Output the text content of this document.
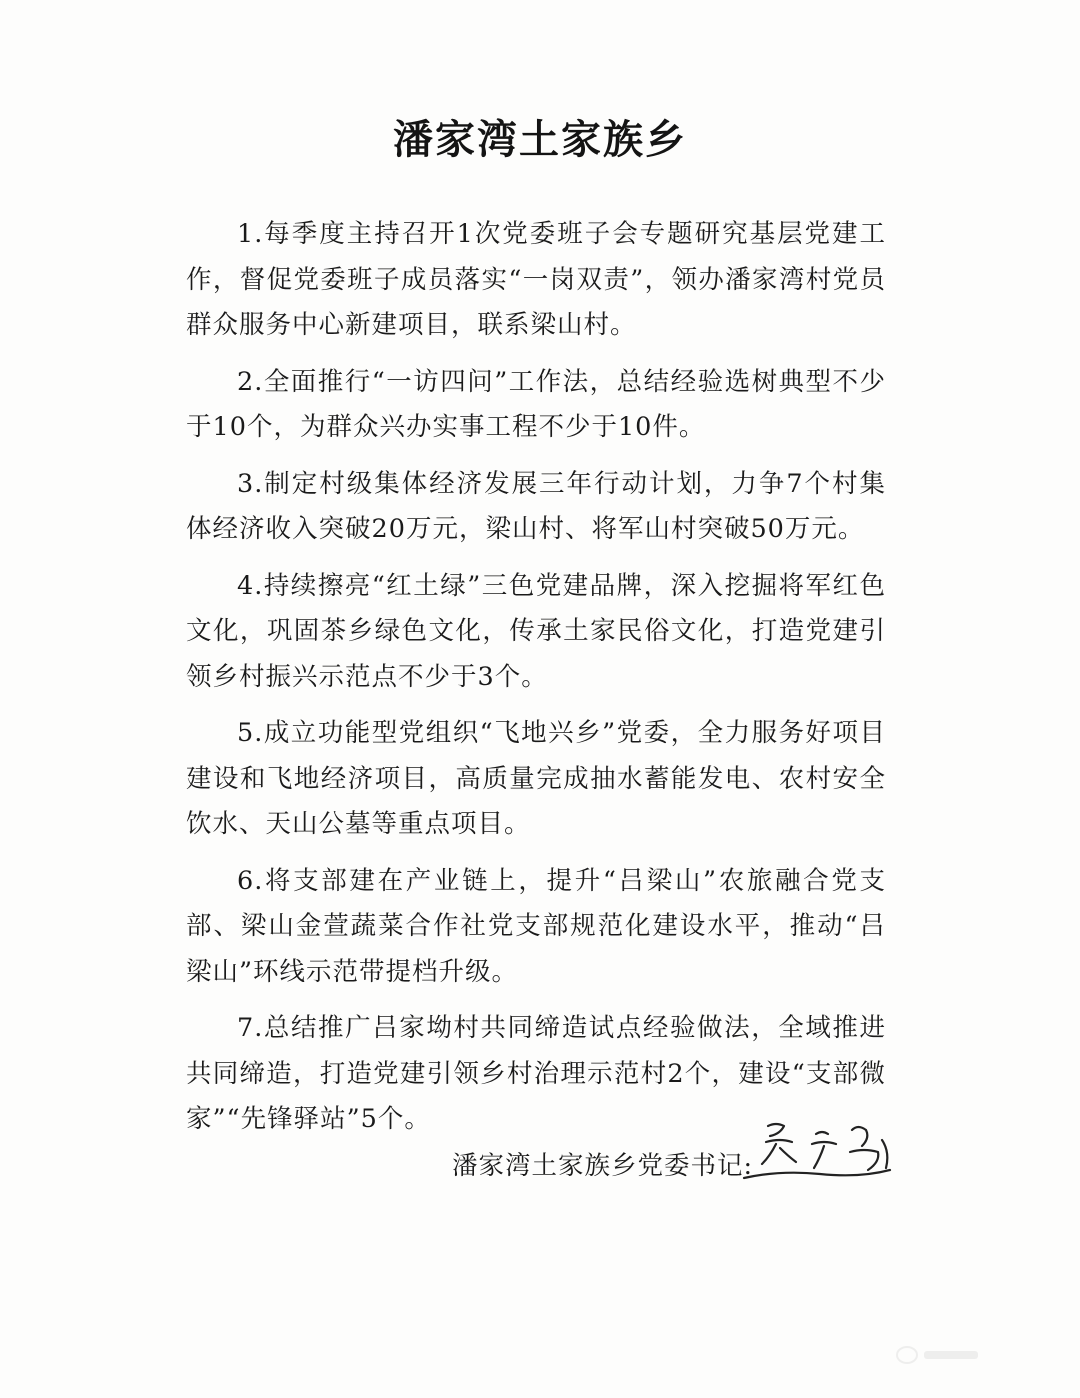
潘家湾土家族乡

1.每季度主持召开1次党委班子会专题研究基层党建工作，督促党委班子成员落实“一岗双责”，领办潘家湾村党员群众服务中心新建项目，联系梁山村。

2.全面推行“一访四问”工作法，总结经验选树典型不少于10个，为群众兴办实事工程不少于10件。

3.制定村级集体经济发展三年行动计划，力争7个村集体经济收入突破20万元，梁山村、将军山村突破50万元。

4.持续擦亮“红土绿”三色党建品牌，深入挖掘将军红色文化，巩固茶乡绿色文化，传承土家民俗文化，打造党建引领乡村振兴示范点不少于3个。

5.成立功能型党组织“飞地兴乡”党委，全力服务好项目建设和飞地经济项目，高质量完成抽水蓄能发电、农村安全饮水、天山公墓等重点项目。

6.将支部建在产业链上，提升“吕梁山”农旅融合党支部、梁山金萱蔬菜合作社党支部规范化建设水平，推动“吕梁山”环线示范带提档升级。

7.总结推广吕家坳村共同缔造试点经验做法，全域推进共同缔造，打造党建引领乡村治理示范村2个，建设“支部微家”“先锋驿站”5个。

潘家湾土家族乡党委书记:
